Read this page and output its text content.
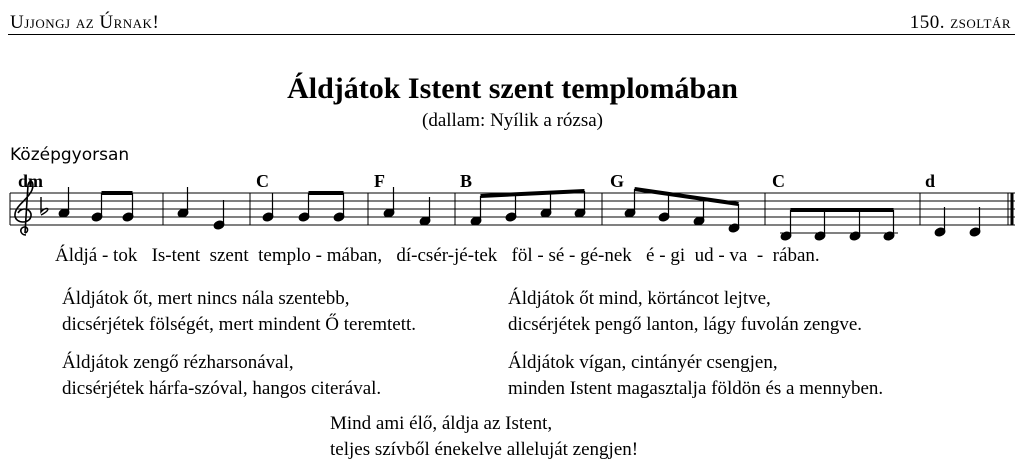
Ujjongj az Úrnak!	150. zsoltár
Áldjátok Istent szent templomában
(dallam: Nyílik a rózsa)
Középgyorsan
dm	C	F	B	G	C	d
Áldjá - tok   Is-tent  szent  templo - mában,   dí-csér-jé-tek   föl - sé - gé-nek   é - gi  ud - va  -  rában.
Áldjátok őt, mert nincs nála szentebb,
dicsérjétek fölségét, mert mindent Ő teremtett.
Áldjátok őt mind, körtáncot lejtve,
dicsérjétek pengő lanton, lágy fuvolán zengve.
Áldjátok zengő rézharsonával,
dicsérjétek hárfa-szóval, hangos citerával.
Áldjátok vígan, cintányér csengjen,
minden Istent magasztalja földön és a mennyben.
Mind ami élő, áldja az Istent,
teljes szívből énekelve alleluját zengjen!
